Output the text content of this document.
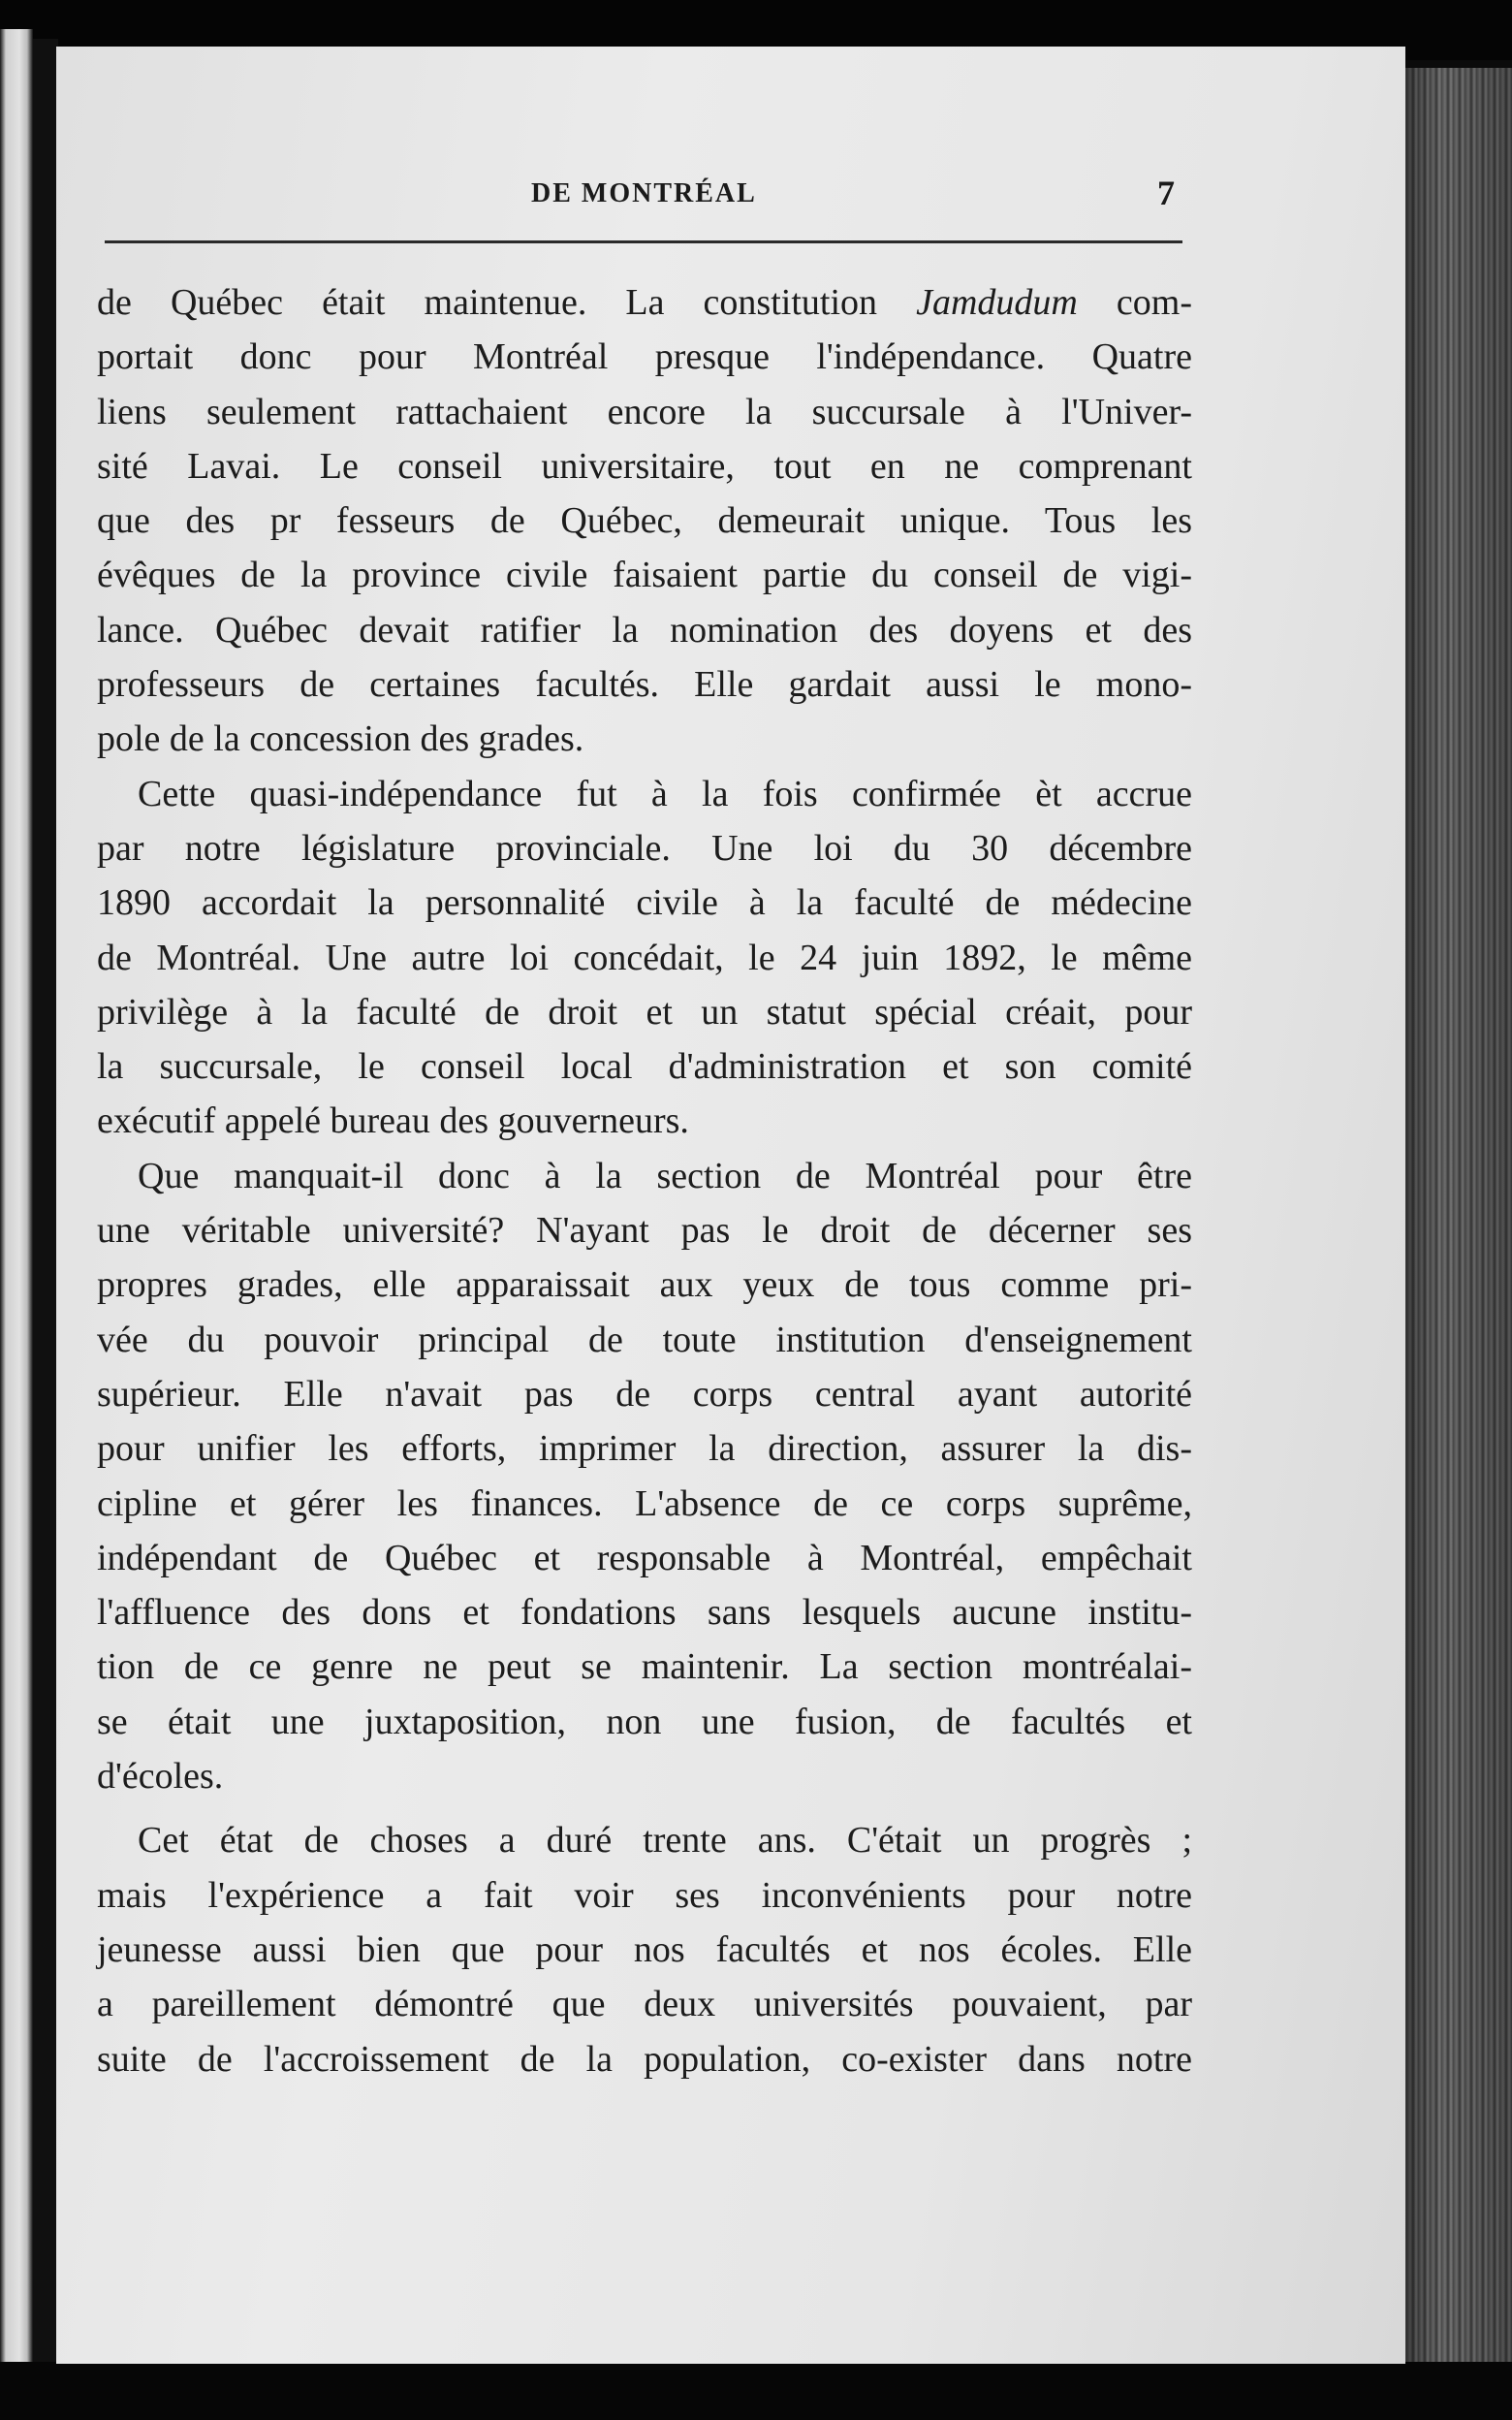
DE MONTRÉAL	7
de Québec était maintenue. La constitution Jamdudum com-
portait donc pour Montréal presque l'indépendance. Quatre
liens seulement rattachaient encore la succursale à l'Univer-
sité Lavai. Le conseil universitaire, tout en ne comprenant
que des pr fesseurs de Québec, demeurait unique. Tous les
évêques de la province civile faisaient partie du conseil de vigi-
lance. Québec devait ratifier la nomination des doyens et des
professeurs de certaines facultés. Elle gardait aussi le mono-
pole de la concession des grades.
Cette quasi-indépendance fut à la fois confirmée èt accrue
par notre législature provinciale. Une loi du 30 décembre
1890 accordait la personnalité civile à la faculté de médecine
de Montréal. Une autre loi concédait, le 24 juin 1892, le même
privilège à la faculté de droit et un statut spécial créait, pour
la succursale, le conseil local d'administration et son comité
exécutif appelé bureau des gouverneurs.
Que manquait-il donc à la section de Montréal pour être
une véritable université? N'ayant pas le droit de décerner ses
propres grades, elle apparaissait aux yeux de tous comme pri-
vée du pouvoir principal de toute institution d'enseignement
supérieur. Elle n'avait pas de corps central ayant autorité
pour unifier les efforts, imprimer la direction, assurer la dis-
cipline et gérer les finances. L'absence de ce corps suprême,
indépendant de Québec et responsable à Montréal, empêchait
l'affluence des dons et fondations sans lesquels aucune institu-
tion de ce genre ne peut se maintenir. La section montréalai-
se était une juxtaposition, non une fusion, de facultés et
d'écoles.
Cet état de choses a duré trente ans. C'était un progrès ;
mais l'expérience a fait voir ses inconvénients pour notre
jeunesse aussi bien que pour nos facultés et nos écoles. Elle
a pareillement démontré que deux universités pouvaient, par
suite de l'accroissement de la population, co-exister dans notre
